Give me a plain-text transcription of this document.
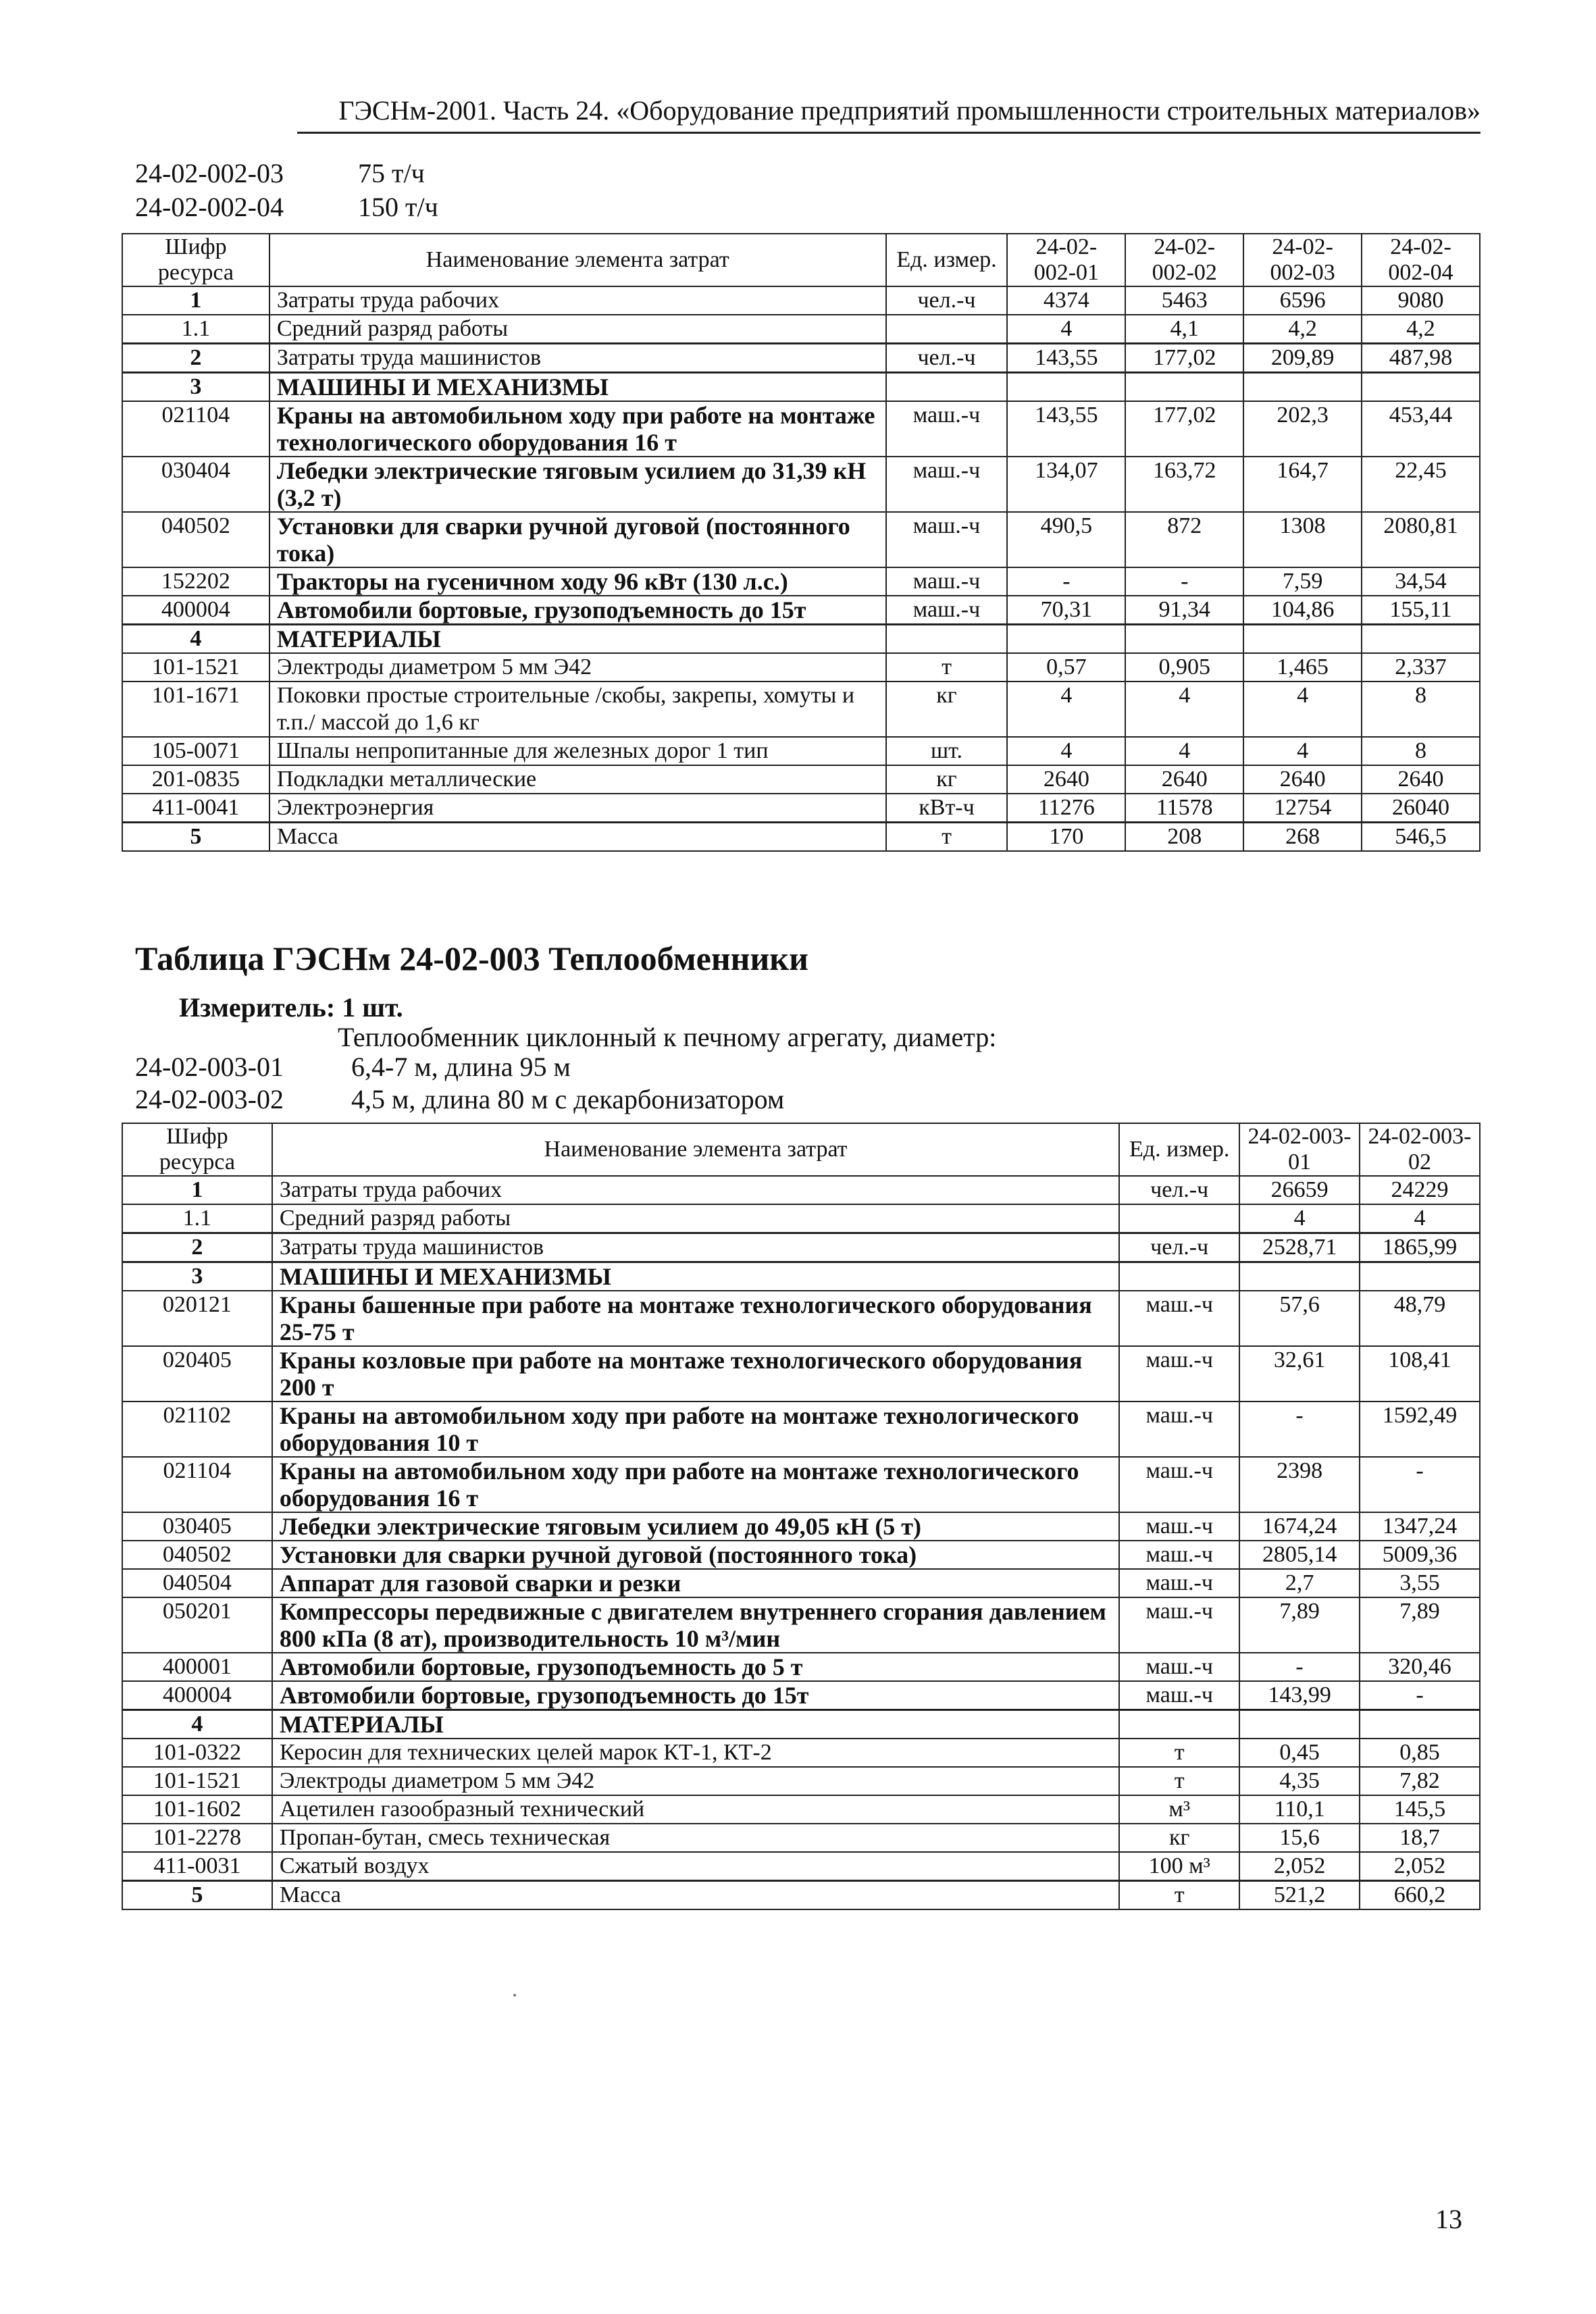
ГЭСНм-2001. Часть 24. «Оборудование предприятий промышленности строительных материалов»
24-02-002-03	75 т/ч
24-02-002-04	150 т/ч
Шифр ресурса	Наименование элемента затрат	Ед. измер.	24-02-002-01	24-02-002-02	24-02-002-03	24-02-002-04
1	Затраты труда рабочих	чел.-ч	4374	5463	6596	9080
1.1	Средний разряд работы		4	4,1	4,2	4,2
2	Затраты труда машинистов	чел.-ч	143,55	177,02	209,89	487,98
3	МАШИНЫ И МЕХАНИЗМЫ					
021104	Краны на автомобильном ходу при работе на монтаже технологического оборудования 16 т	маш.-ч	143,55	177,02	202,3	453,44
030404	Лебедки электрические тяговым усилием до 31,39 кН (3,2 т)	маш.-ч	134,07	163,72	164,7	22,45
040502	Установки для сварки ручной дуговой (постоянного тока)	маш.-ч	490,5	872	1308	2080,81
152202	Тракторы на гусеничном ходу 96 кВт (130 л.с.)	маш.-ч	-	-	7,59	34,54
400004	Автомобили бортовые, грузоподъемность до 15т	маш.-ч	70,31	91,34	104,86	155,11
4	МАТЕРИАЛЫ					
101-1521	Электроды диаметром 5 мм Э42	т	0,57	0,905	1,465	2,337
101-1671	Поковки простые строительные /скобы, закрепы, хомуты и т.п./ массой до 1,6 кг	кг	4	4	4	8
105-0071	Шпалы непропитанные для железных дорог 1 тип	шт.	4	4	4	8
201-0835	Подкладки металлические	кг	2640	2640	2640	2640
411-0041	Электроэнергия	кВт-ч	11276	11578	12754	26040
5	Масса	т	170	208	268	546,5
Таблица ГЭСНм 24-02-003 Теплообменники
Измеритель: 1 шт.
Теплообменник циклонный к печному агрегату, диаметр:
24-02-003-01	6,4-7 м, длина 95 м
24-02-003-02	4,5 м, длина 80 м с декарбонизатором
Шифр ресурса	Наименование элемента затрат	Ед. измер.	24-02-003-01	24-02-003-02
1	Затраты труда рабочих	чел.-ч	26659	24229
1.1	Средний разряд работы		4	4
2	Затраты труда машинистов	чел.-ч	2528,71	1865,99
3	МАШИНЫ И МЕХАНИЗМЫ			
020121	Краны башенные при работе на монтаже технологического оборудования 25-75 т	маш.-ч	57,6	48,79
020405	Краны козловые при работе на монтаже технологического оборудования 200 т	маш.-ч	32,61	108,41
021102	Краны на автомобильном ходу при работе на монтаже технологического оборудования 10 т	маш.-ч	-	1592,49
021104	Краны на автомобильном ходу при работе на монтаже технологического оборудования 16 т	маш.-ч	2398	-
030405	Лебедки электрические тяговым усилием до 49,05 кН (5 т)	маш.-ч	1674,24	1347,24
040502	Установки для сварки ручной дуговой (постоянного тока)	маш.-ч	2805,14	5009,36
040504	Аппарат для газовой сварки и резки	маш.-ч	2,7	3,55
050201	Компрессоры передвижные с двигателем внутреннего сгорания давлением 800 кПа (8 ат), производительность 10 м³/мин	маш.-ч	7,89	7,89
400001	Автомобили бортовые, грузоподъемность до 5 т	маш.-ч	-	320,46
400004	Автомобили бортовые, грузоподъемность до 15т	маш.-ч	143,99	-
4	МАТЕРИАЛЫ			
101-0322	Керосин для технических целей марок КТ-1, КТ-2	т	0,45	0,85
101-1521	Электроды диаметром 5 мм Э42	т	4,35	7,82
101-1602	Ацетилен газообразный технический	м³	110,1	145,5
101-2278	Пропан-бутан, смесь техническая	кг	15,6	18,7
411-0031	Сжатый воздух	100 м³	2,052	2,052
5	Масса	т	521,2	660,2
13
